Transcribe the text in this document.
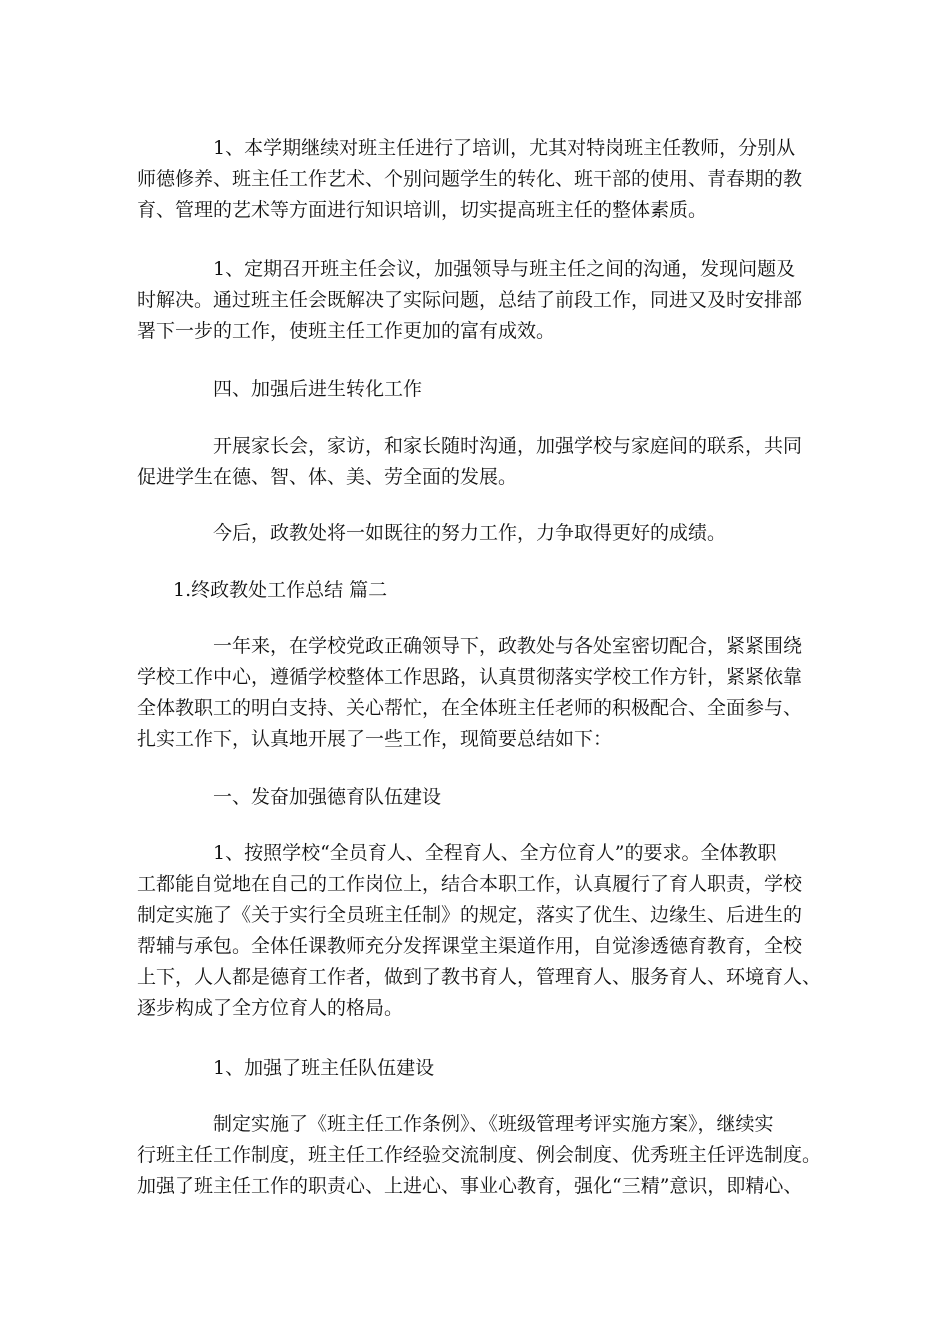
1、本学期继续对班主任进行了培训，尤其对特岗班主任教师，分别从
师德修养、班主任工作艺术、个别问题学生的转化、班干部的使用、青春期的教
育、管理的艺术等方面进行知识培训，切实提高班主任的整体素质。
1、定期召开班主任会议，加强领导与班主任之间的沟通，发现问题及
时解决。通过班主任会既解决了实际问题，总结了前段工作，同进又及时安排部
署下一步的工作，使班主任工作更加的富有成效。
四、加强后进生转化工作
开展家长会，家访，和家长随时沟通，加强学校与家庭间的联系，共同
促进学生在德、智、体、美、劳全面的发展。
今后，政教处将一如既往的努力工作，力争取得更好的成绩。
1.终政教处工作总结 篇二
一年来，在学校党政正确领导下，政教处与各处室密切配合，紧紧围绕
学校工作中心，遵循学校整体工作思路，认真贯彻落实学校工作方针，紧紧依靠
全体教职工的明白支持、关心帮忙，在全体班主任老师的积极配合、全面参与、
扎实工作下，认真地开展了一些工作，现简要总结如下：
一、发奋加强德育队伍建设
1、按照学校“全员育人、全程育人、全方位育人”的要求。全体教职
工都能自觉地在自己的工作岗位上，结合本职工作，认真履行了育人职责，学校
制定实施了《关于实行全员班主任制》的规定，落实了优生、边缘生、后进生的
帮辅与承包。全体任课教师充分发挥课堂主渠道作用，自觉渗透德育教育，全校
上下，人人都是德育工作者，做到了教书育人，管理育人、服务育人、环境育人、
逐步构成了全方位育人的格局。
1、加强了班主任队伍建设
制定实施了《班主任工作条例》、《班级管理考评实施方案》，继续实
行班主任工作制度，班主任工作经验交流制度、例会制度、优秀班主任评选制度。
加强了班主任工作的职责心、上进心、事业心教育，强化“三精”意识，即精心、
